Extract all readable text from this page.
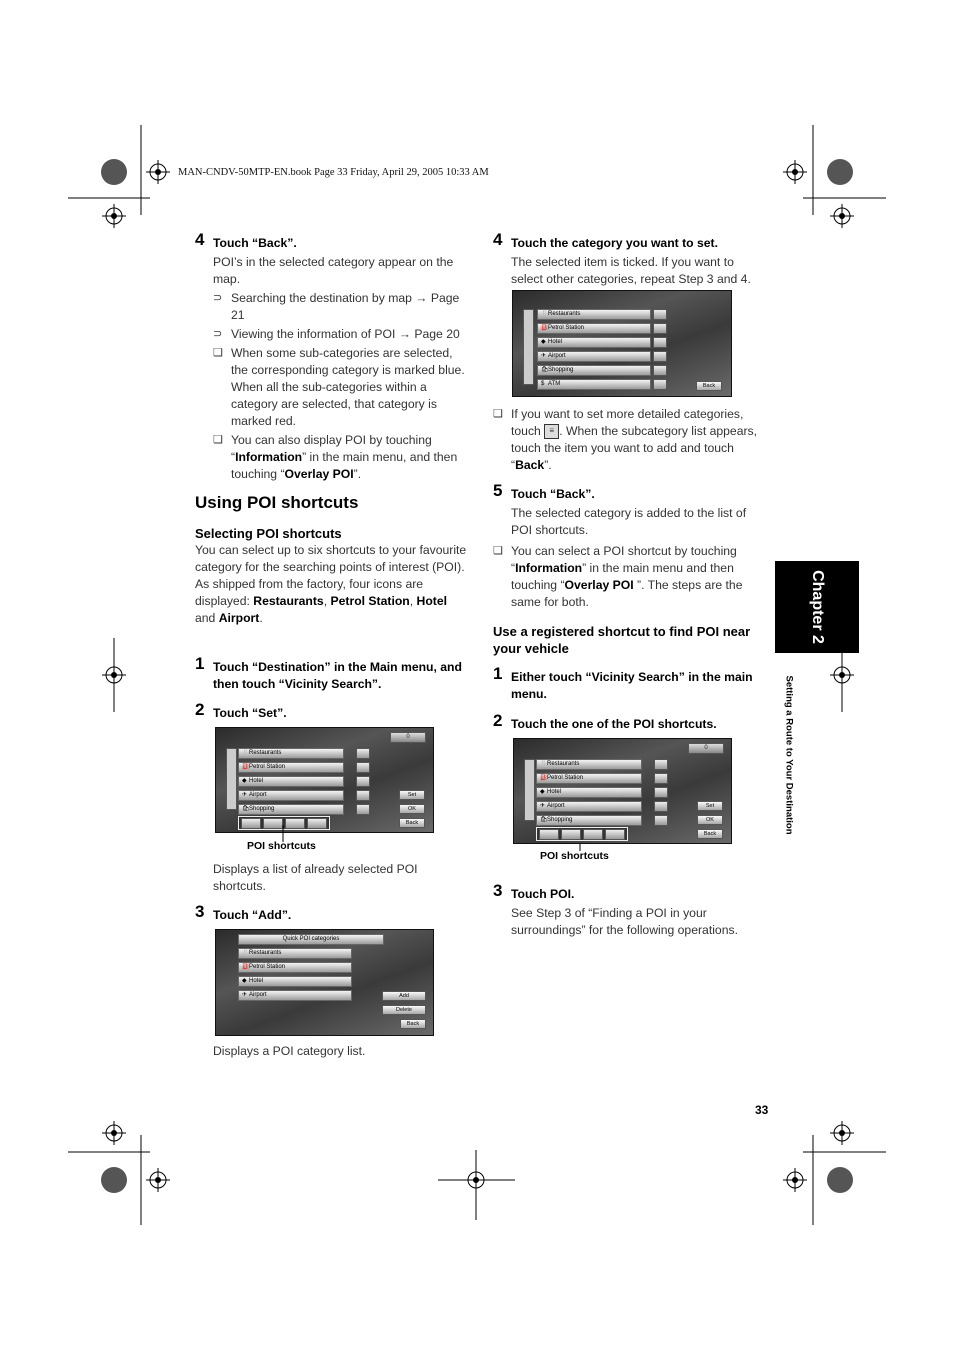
MAN-CNDV-50MTP-EN.book Page 33 Friday, April 29, 2005 10:33 AM
4 Touch “Back”.
POI’s in the selected category appear on the map.
⊃ Searching the destination by map → Page 21
⊃ Viewing the information of POI → Page 20
❏ When some sub-categories are selected, the corresponding category is marked blue. When all the sub-categories within a category are selected, that category is marked red.
❏ You can also display POI by touching “Information” in the main menu, and then touching “Overlay POI”.
Using POI shortcuts
Selecting POI shortcuts
You can select up to six shortcuts to your favourite category for the searching points of interest (POI).
As shipped from the factory, four icons are displayed: Restaurants, Petrol Station, Hotel and Airport.
1 Touch “Destination” in the Main menu, and then touch “Vicinity Search”.
2 Touch “Set”.
0
🍴Restaurants
⛽Petrol Station
◆ Hotel
✈ Airport
🛍Shopping
Set
OK
Back
POI shortcuts
Displays a list of already selected POI shortcuts.
3 Touch “Add”.
Quick POI categories
🍴Restaurants
⛽Petrol Station
◆ Hotel
✈ Airport	Add
Delete
Back
Displays a POI category list.
4 Touch the category you want to set.
The selected item is ticked. If you want to select other categories, repeat Step 3 and 4.
🍴Restaurants
⛽Petrol Station
◆ Hotel
✈ Airport
🛍Shopping
$ ATM	Back
❏ If you want to set more detailed categories, touch ≡ . When the subcategory list appears, touch the item you want to add and touch “Back”.
5 Touch “Back”.
The selected category is added to the list of POI shortcuts.
❏ You can select a POI shortcut by touching “Information” in the main menu and then touching “Overlay POI ”. The steps are the same for both.
Use a registered shortcut to find POI near your vehicle
1 Either touch “Vicinity Search” in the main menu.
2 Touch the one of the POI shortcuts.
0
🍴Restaurants
⛽Petrol Station
◆ Hotel
✈ Airport
🛍Shopping
Set
OK
Back
POI shortcuts
3 Touch POI.
See Step 3 of “Finding a POI in your surroundings” for the following operations.
Chapter 2
Setting a Route to Your Destination
33
